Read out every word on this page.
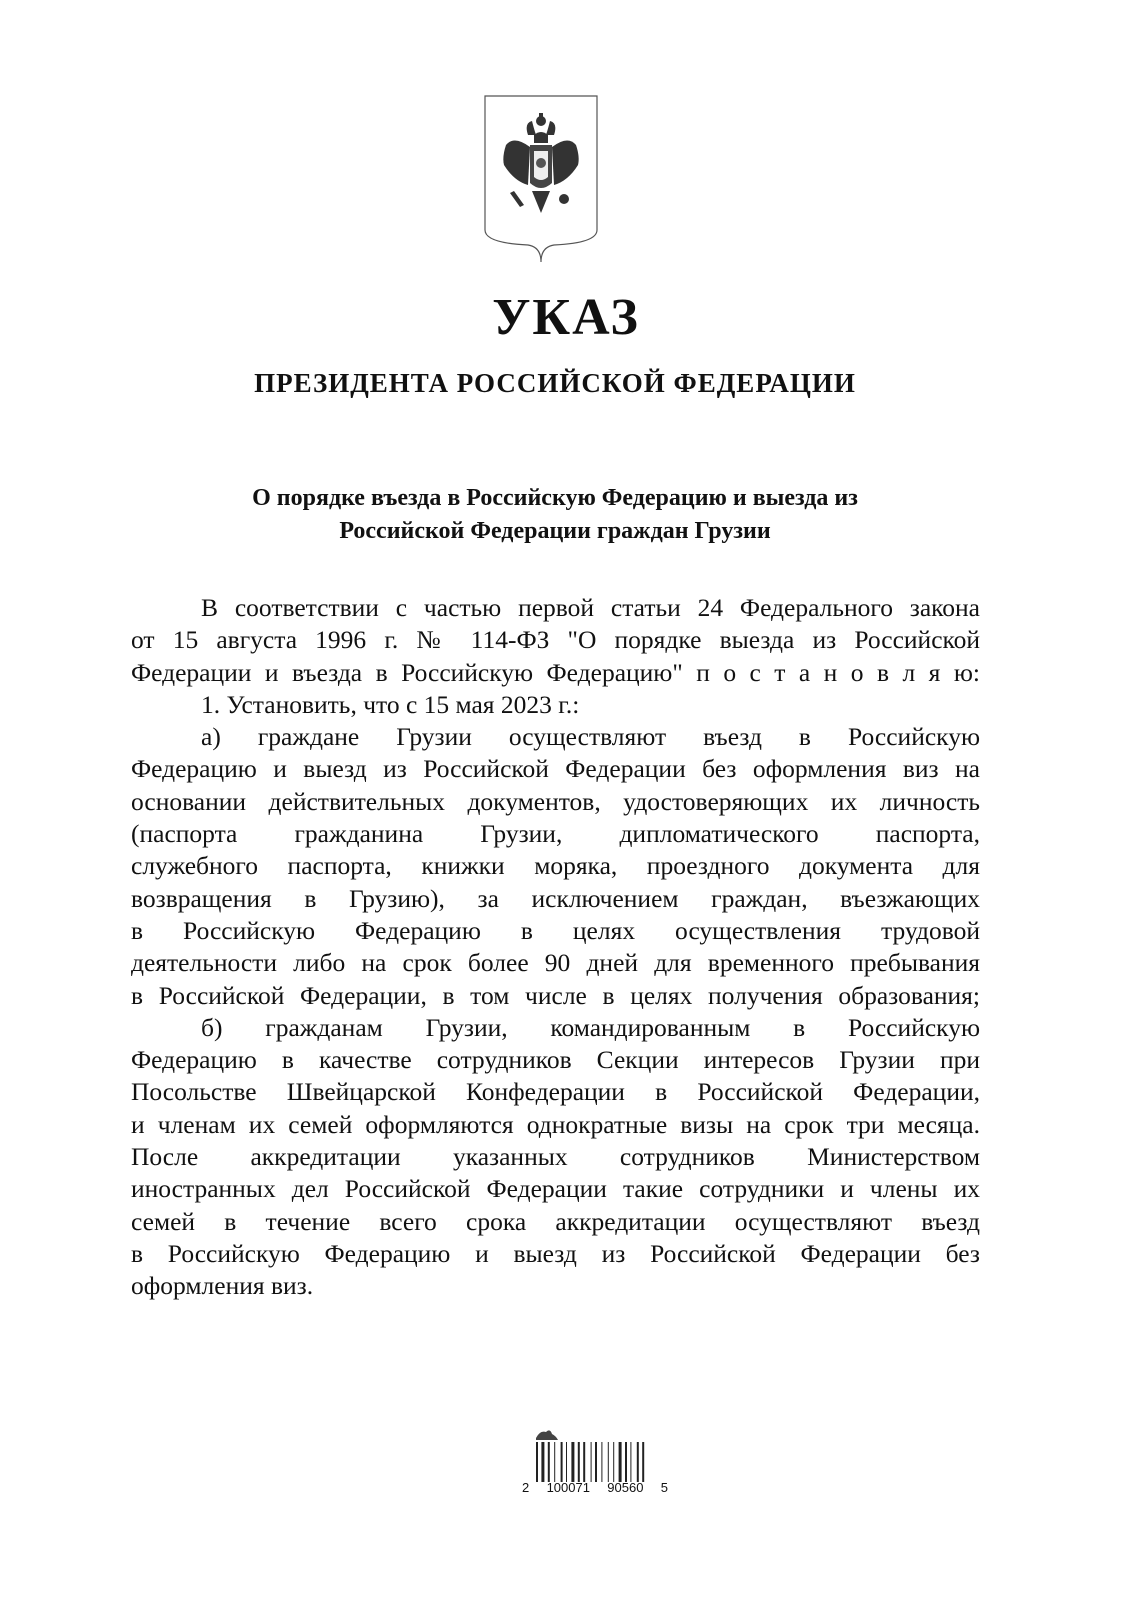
УКАЗ
ПРЕЗИДЕНТА РОССИЙСКОЙ ФЕДЕРАЦИИ
О порядке въезда в Российскую Федерацию и выезда из
Российской Федерации граждан Грузии
В соответствии с частью первой статьи 24 Федерального закона
от 15 августа 1996 г. № 114-ФЗ "О порядке выезда из Российской
Федерации и въезда в Российскую Федерацию" п о с т а н о в л я ю:
1. Установить, что с 15 мая 2023 г.:
а) граждане Грузии осуществляют въезд в Российскую
Федерацию и выезд из Российской Федерации без оформления виз на
основании действительных документов, удостоверяющих их личность
(паспорта гражданина Грузии, дипломатического паспорта,
служебного паспорта, книжки моряка, проездного документа для
возвращения в Грузию), за исключением граждан, въезжающих
в Российскую Федерацию в целях осуществления трудовой
деятельности либо на срок более 90 дней для временного пребывания
в Российской Федерации, в том числе в целях получения образования;
б) гражданам Грузии, командированным в Российскую
Федерацию в качестве сотрудников Секции интересов Грузии при
Посольстве Швейцарской Конфедерации в Российской Федерации,
и членам их семей оформляются однократные визы на срок три месяца.
После аккредитации указанных сотрудников Министерством
иностранных дел Российской Федерации такие сотрудники и члены их
семей в течение всего срока аккредитации осуществляют въезд
в Российскую Федерацию и выезд из Российской Федерации без
оформления виз.
2 100071 90560 5
